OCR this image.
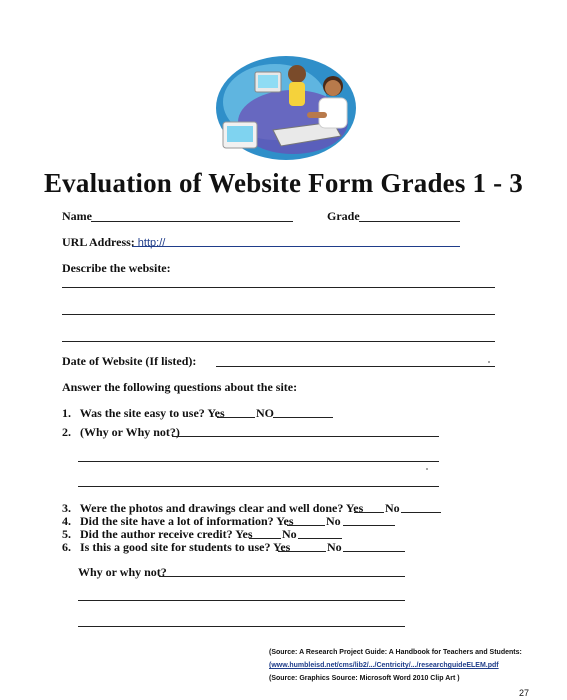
Evaluation of Website Form Grades 1 - 3
Name	Grade
URL Address: http://
Describe the website:
Date of Website (If listed):
Answer the following questions about the site:
1. Was the site easy to use? Yes	NO
2. (Why or Why not?)
3. Were the photos and drawings clear and well done? Yes No
4. Did the site have a lot of information? Yes	No
5. Did the author receive credit? Yes No
6. Is this a good site for students to use? Yes	No
Why or why not?
(Source: A Research Project Guide: A Handbook for Teachers and Students:
(www.humbleisd.net/cms/lib2/.../Centricity/.../researchguideELEM.pdf
(Source: Graphics Source: Microsoft Word 2010 Clip Art )
27
